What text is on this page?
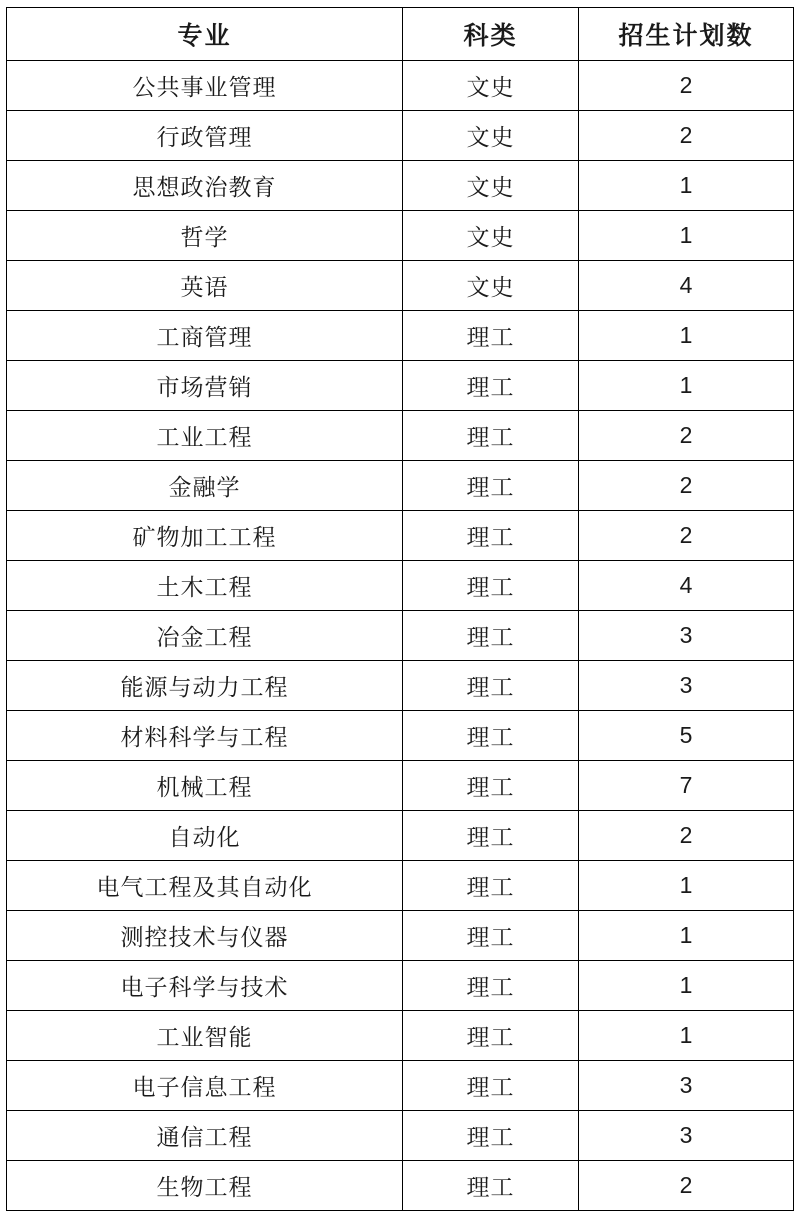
专业	科类	招生计划数
公共事业管理	文史	2
行政管理	文史	2
思想政治教育	文史	1
哲学	文史	1
英语	文史	4
工商管理	理工	1
市场营销	理工	1
工业工程	理工	2
金融学	理工	2
矿物加工工程	理工	2
土木工程	理工	4
冶金工程	理工	3
能源与动力工程	理工	3
材料科学与工程	理工	5
机械工程	理工	7
自动化	理工	2
电气工程及其自动化	理工	1
测控技术与仪器	理工	1
电子科学与技术	理工	1
工业智能	理工	1
电子信息工程	理工	3
通信工程	理工	3
生物工程	理工	2
